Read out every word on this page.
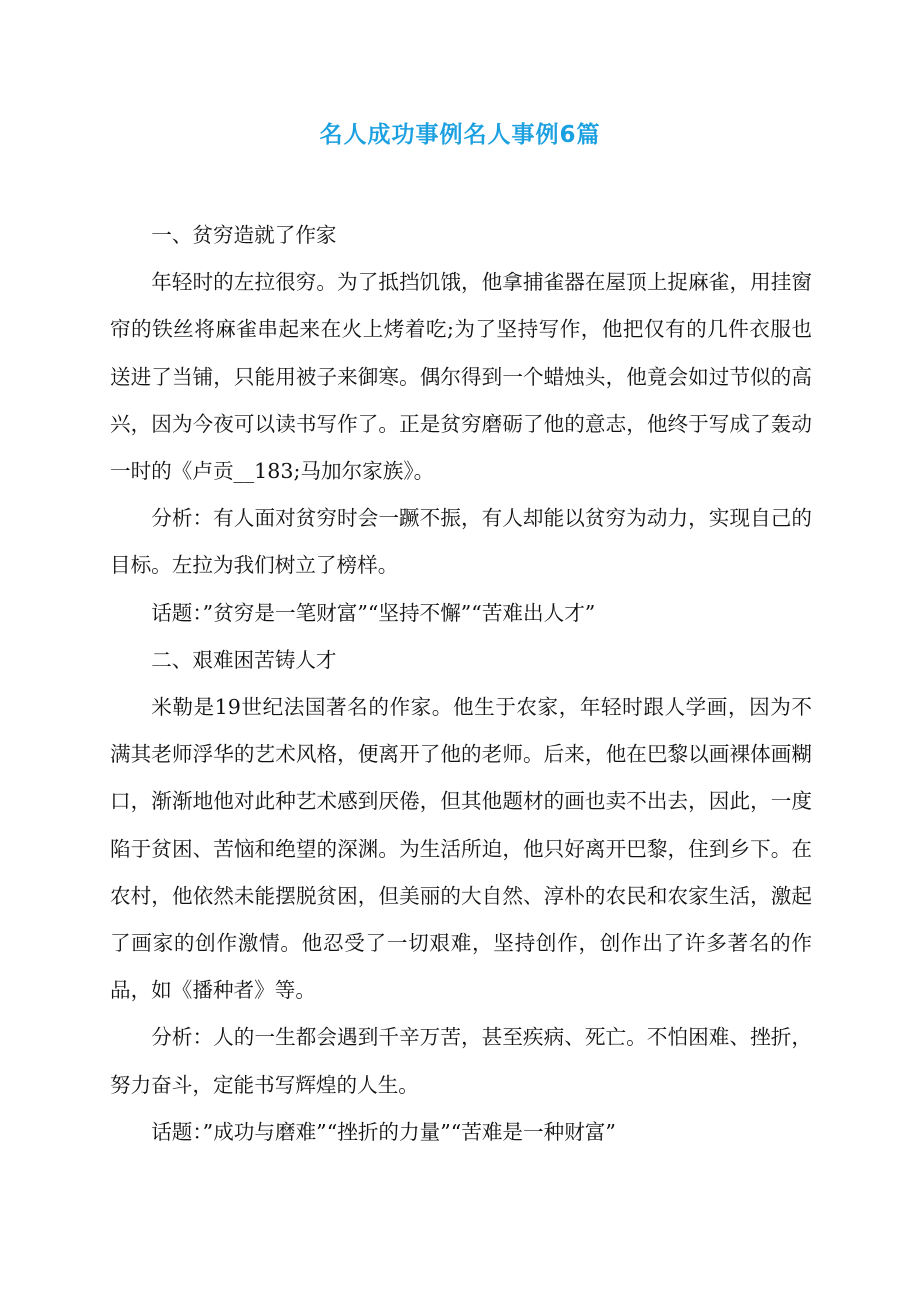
名人成功事例名人事例6篇

一、贫穷造就了作家

年轻时的左拉很穷。为了抵挡饥饿，他拿捕雀器在屋顶上捉麻雀，用挂窗帘的铁丝将麻雀串起来在火上烤着吃;为了坚持写作，他把仅有的几件衣服也送进了当铺，只能用被子来御寒。偶尔得到一个蜡烛头，他竟会如过节似的高兴，因为今夜可以读书写作了。正是贫穷磨砺了他的意志，他终于写成了轰动一时的《卢贡__183;马加尔家族》。

分析：有人面对贫穷时会一蹶不振，有人却能以贫穷为动力，实现自己的目标。左拉为我们树立了榜样。

话题：”贫穷是一笔财富”“坚持不懈”“苦难出人才”

二、艰难困苦铸人才

米勒是19世纪法国著名的作家。他生于农家，年轻时跟人学画，因为不满其老师浮华的艺术风格，便离开了他的老师。后来，他在巴黎以画裸体画糊口，渐渐地他对此种艺术感到厌倦，但其他题材的画也卖不出去，因此，一度陷于贫困、苦恼和绝望的深渊。为生活所迫，他只好离开巴黎，住到乡下。在农村，他依然未能摆脱贫困，但美丽的大自然、淳朴的农民和农家生活，激起了画家的创作激情。他忍受了一切艰难，坚持创作，创作出了许多著名的作品，如《播种者》等。

分析：人的一生都会遇到千辛万苦，甚至疾病、死亡。不怕困难、挫折，努力奋斗，定能书写辉煌的人生。

话题：”成功与磨难”“挫折的力量”“苦难是一种财富”
